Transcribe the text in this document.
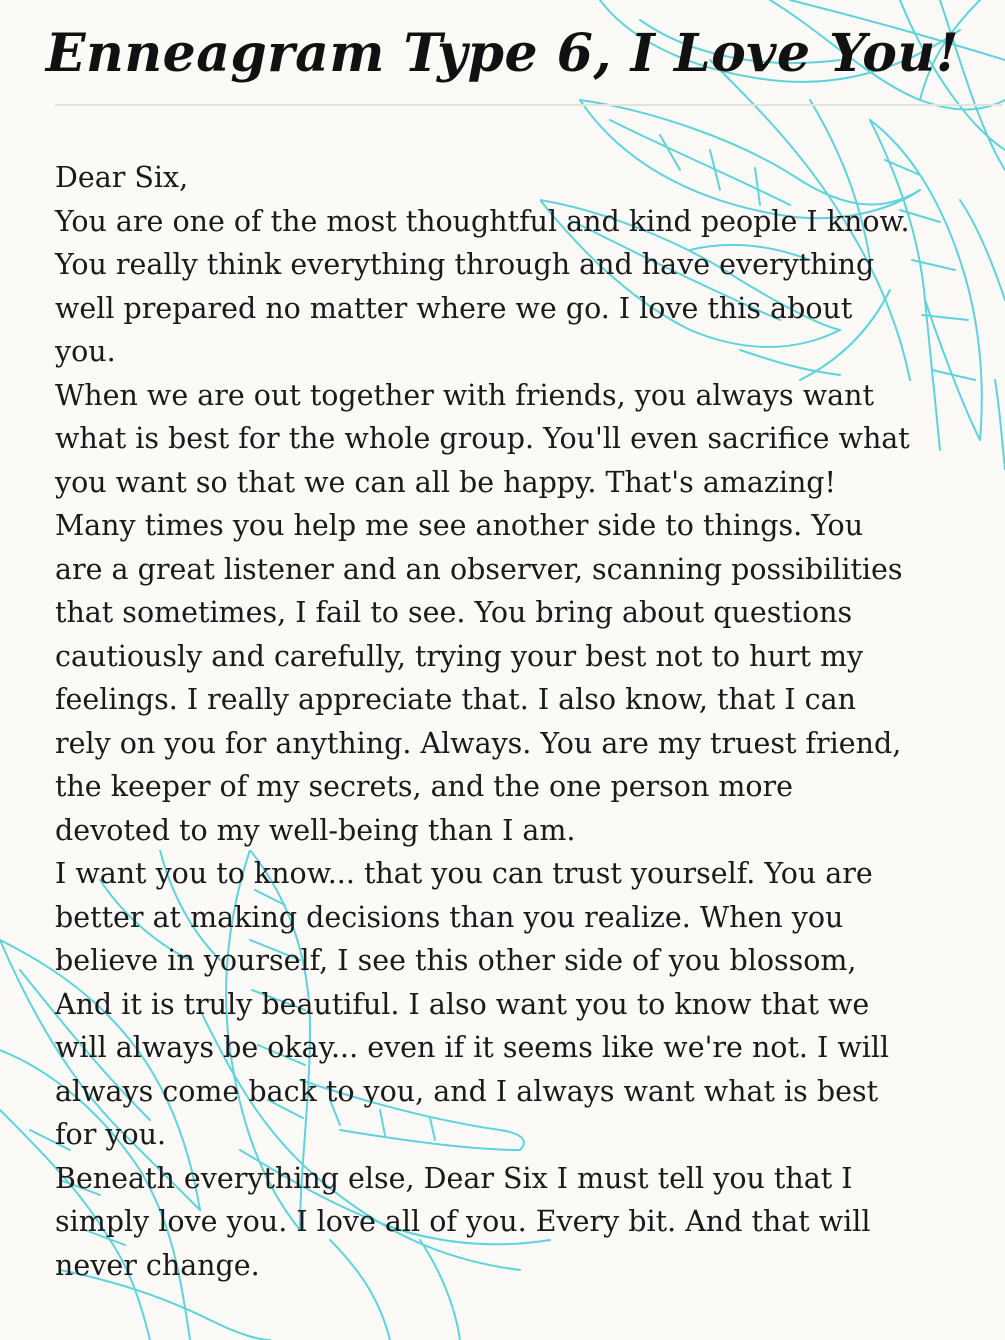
Enneagram Type 6, I Love You!

Dear Six,

You are one of the most thoughtful and kind people I know. You really think everything through and have everything well prepared no matter where we go. I love this about you.

When we are out together with friends, you always want what is best for the whole group. You'll even sacrifice what you want so that we can all be happy. That's amazing!

Many times you help me see another side to things. You are a great listener and an observer, scanning possibilities that sometimes, I fail to see. You bring about questions cautiously and carefully, trying your best not to hurt my feelings. I really appreciate that. I also know, that I can rely on you for anything. Always. You are my truest friend, the keeper of my secrets, and the one person more devoted to my well-being than I am.

I want you to know... that you can trust yourself. You are better at making decisions than you realize. When you believe in yourself, I see this other side of you blossom, And it is truly beautiful. I also want you to know that we will always be okay... even if it seems like we're not. I will always come back to you, and I always want what is best for you.

Beneath everything else, Dear Six I must tell you that I simply love you. I love all of you. Every bit. And that will never change.
